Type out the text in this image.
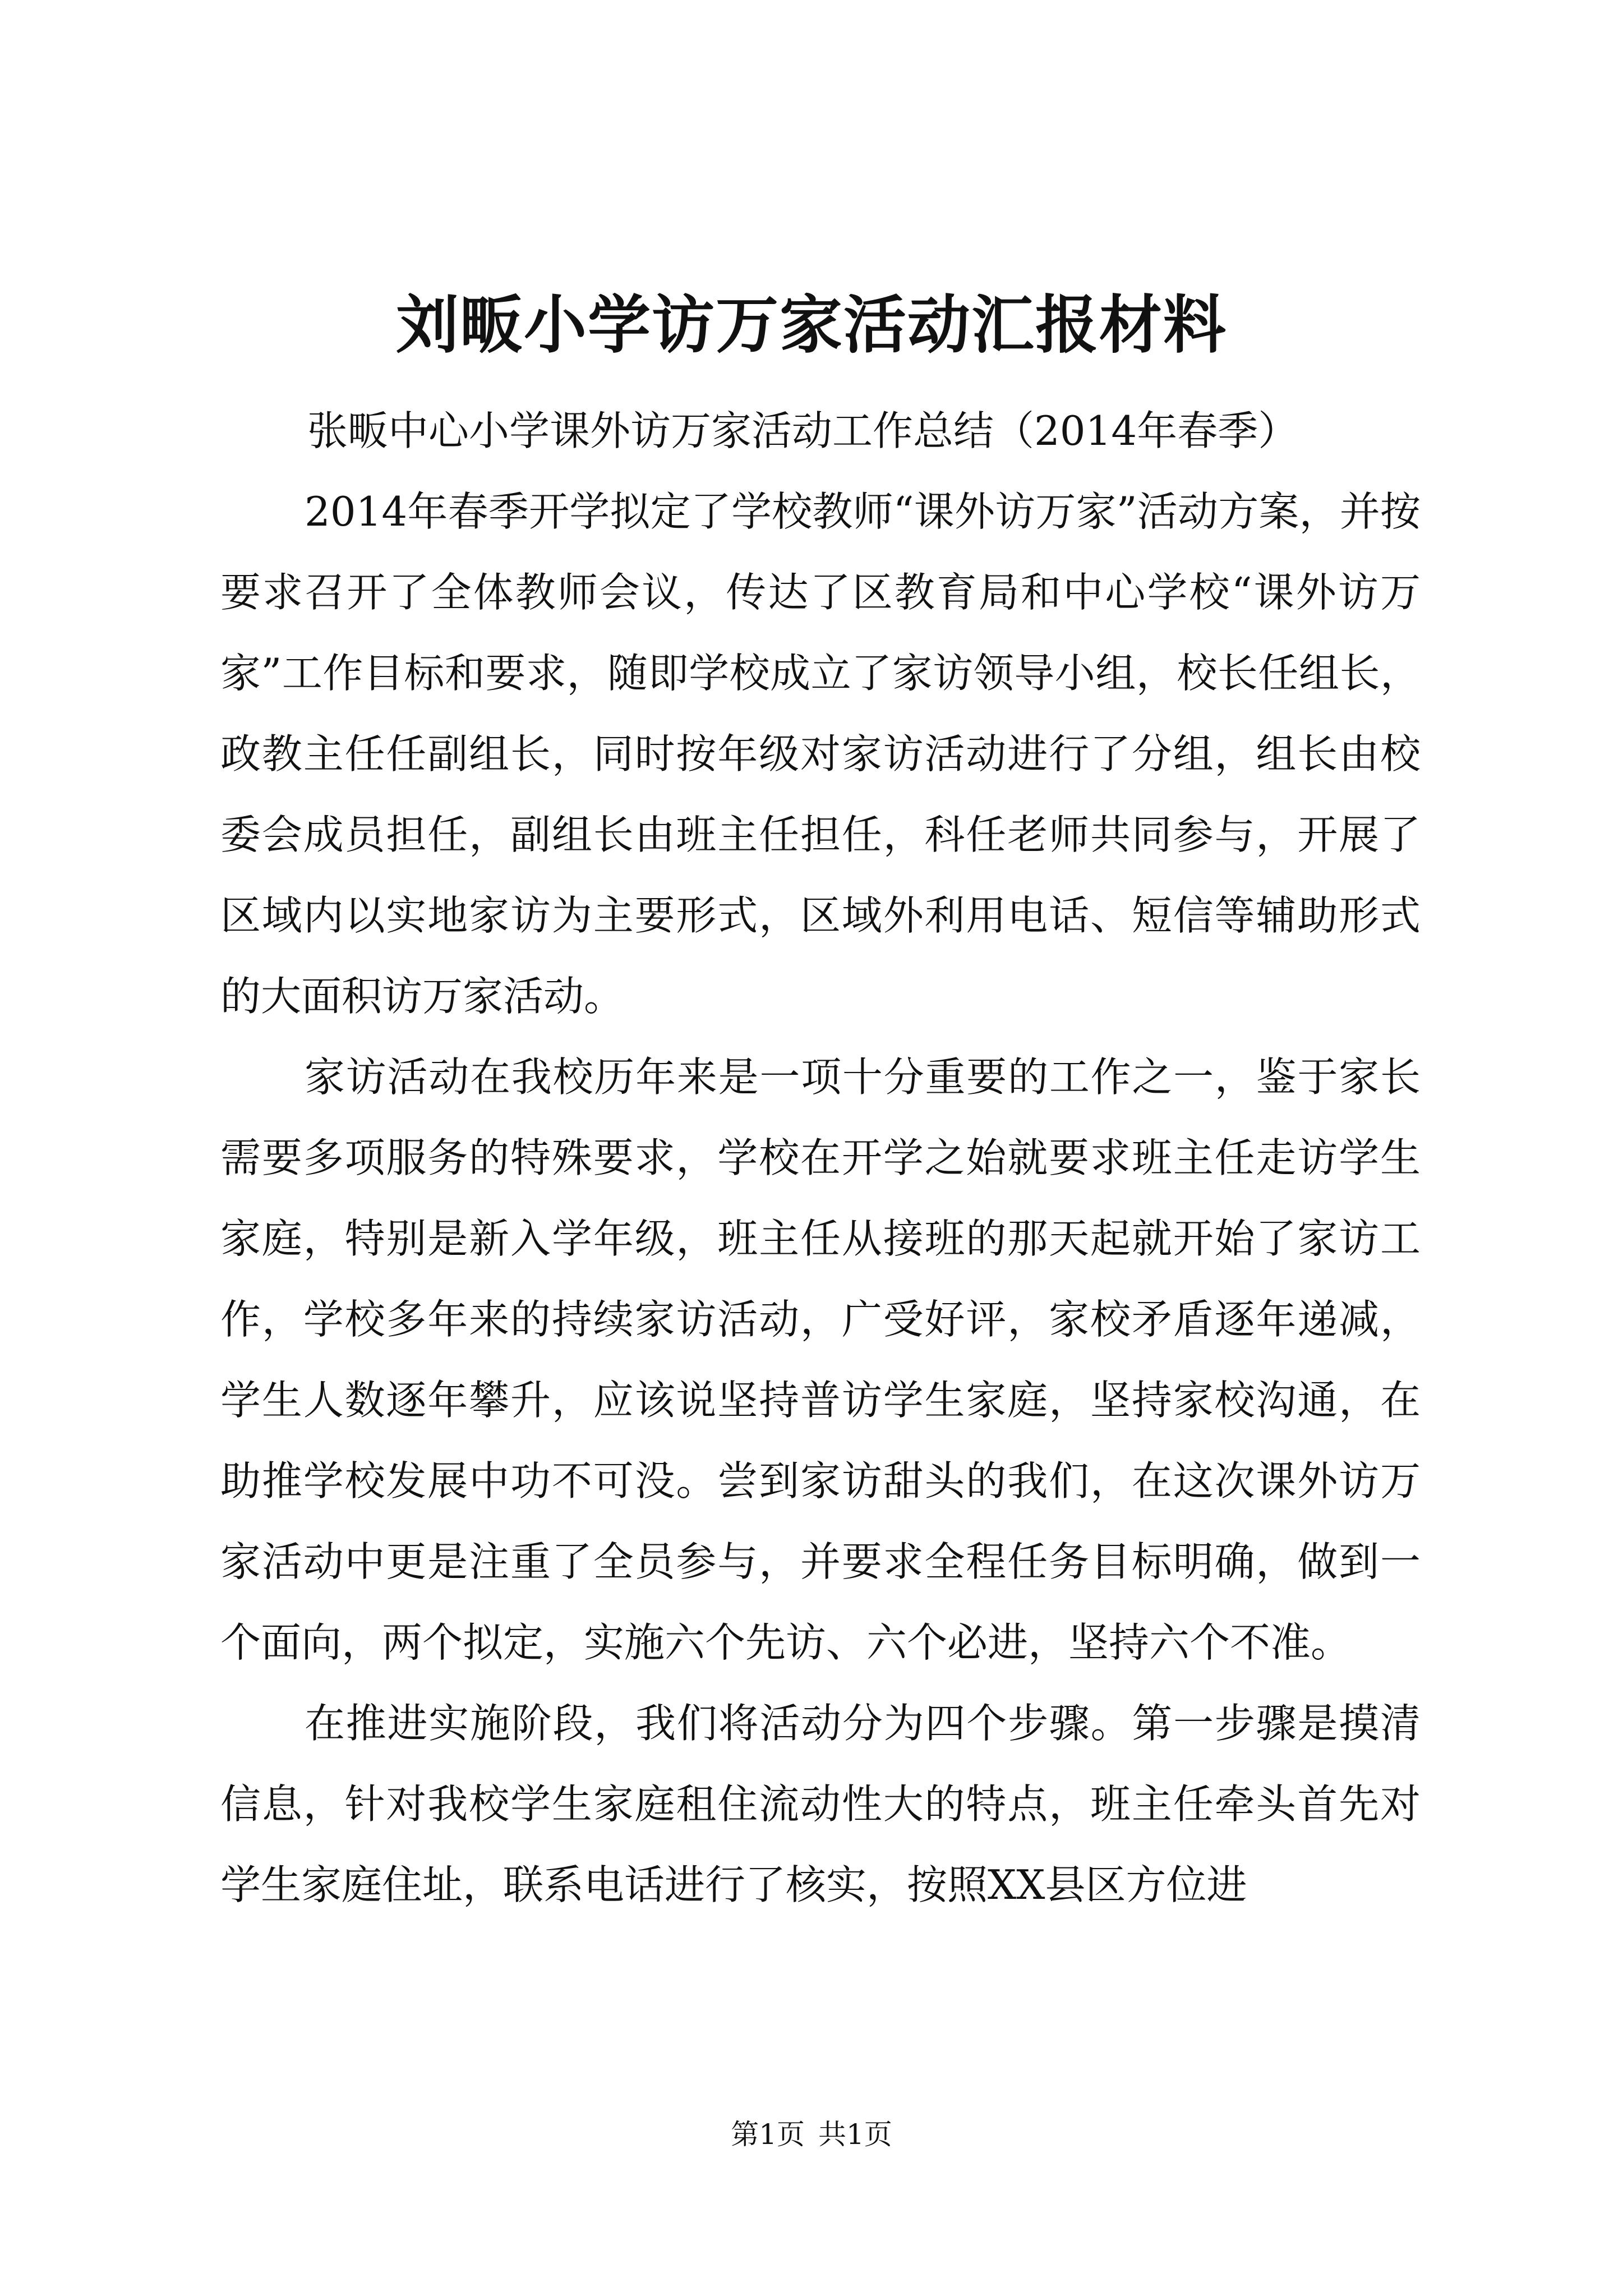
刘畈小学访万家活动汇报材料

张畈中心小学课外访万家活动工作总结（2014年春季）

2014年春季开学拟定了学校教师“课外访万家”活动方案，并按要求召开了全体教师会议，传达了区教育局和中心学校“课外访万家”工作目标和要求，随即学校成立了家访领导小组，校长任组长，政教主任任副组长，同时按年级对家访活动进行了分组，组长由校委会成员担任，副组长由班主任担任，科任老师共同参与，开展了区域内以实地家访为主要形式，区域外利用电话、短信等辅助形式的大面积访万家活动。

家访活动在我校历年来是一项十分重要的工作之一，鉴于家长需要多项服务的特殊要求，学校在开学之始就要求班主任走访学生家庭，特别是新入学年级，班主任从接班的那天起就开始了家访工作，学校多年来的持续家访活动，广受好评，家校矛盾逐年递减，学生人数逐年攀升，应该说坚持普访学生家庭，坚持家校沟通，在助推学校发展中功不可没。尝到家访甜头的我们，在这次课外访万家活动中更是注重了全员参与，并要求全程任务目标明确，做到一个面向，两个拟定，实施六个先访、六个必进，坚持六个不准。

在推进实施阶段，我们将活动分为四个步骤。第一步骤是摸清信息，针对我校学生家庭租住流动性大的特点，班主任牵头首先对学生家庭住址，联系电话进行了核实，按照XX县区方位进

第1页 共1页
